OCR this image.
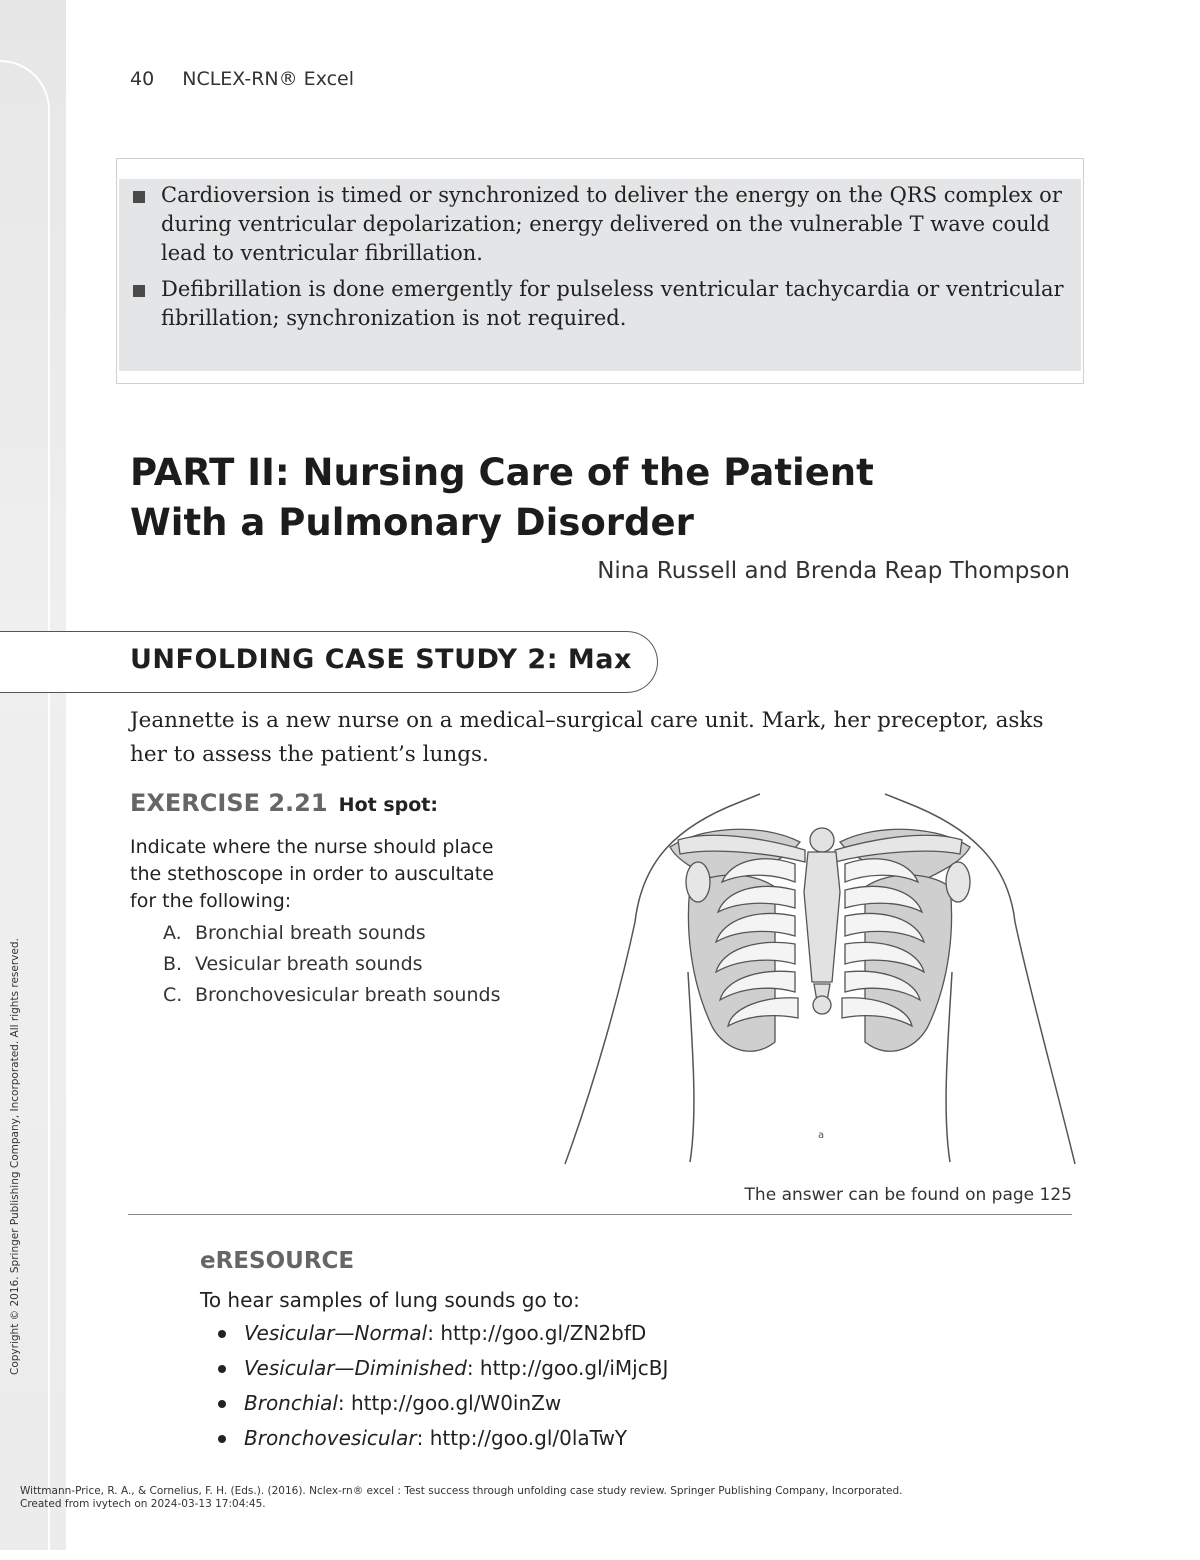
40 NCLEX-RN® Excel
Cardioversion is timed or synchronized to deliver the energy on the QRS complex or during ventricular depolarization; energy delivered on the vulnerable T wave could lead to ventricular fibrillation.
Defibrillation is done emergently for pulseless ventricular tachycardia or ventricular fibrillation; synchronization is not required.
PART II: Nursing Care of the Patient
With a Pulmonary Disorder
Nina Russell and Brenda Reap Thompson
UNFOLDING CASE STUDY 2: Max
Jeannette is a new nurse on a medical–surgical care unit. Mark, her preceptor, asks her to assess the patient’s lungs.
EXERCISE 2.21 Hot spot:
Indicate where the nurse should place the stethoscope in order to auscultate for the following:
A. Bronchial breath sounds
B. Vesicular breath sounds
C. Bronchovesicular breath sounds
a
The answer can be found on page 125
eRESOURCE
To hear samples of lung sounds go to:
Vesicular—Normal: http://goo.gl/ZN2bfD
Vesicular—Diminished: http://goo.gl/iMjcBJ
Bronchial: http://goo.gl/W0inZw
Bronchovesicular: http://goo.gl/0laTwY
Copyright © 2016. Springer Publishing Company, Incorporated. All rights reserved.
Wittmann-Price, R. A., & Cornelius, F. H. (Eds.). (2016). Nclex-rn® excel : Test success through unfolding case study review. Springer Publishing Company, Incorporated.
Created from ivytech on 2024-03-13 17:04:45.
